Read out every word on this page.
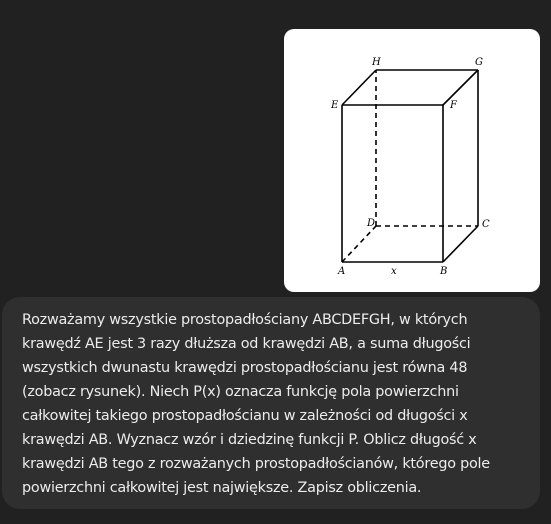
H	G
E	F
D	C
A	B
x

Rozważamy wszystkie prostopadłościany ABCDEFGH, w których
krawędź AE jest 3 razy dłuższa od krawędzi AB, a suma długości
wszystkich dwunastu krawędzi prostopadłościanu jest równa 48
(zobacz rysunek). Niech P(x) oznacza funkcję pola powierzchni
całkowitej takiego prostopadłościanu w zależności od długości x
krawędzi AB. Wyznacz wzór i dziedzinę funkcji P. Oblicz długość x
krawędzi AB tego z rozważanych prostopadłościanów, którego pole
powierzchni całkowitej jest największe. Zapisz obliczenia.
